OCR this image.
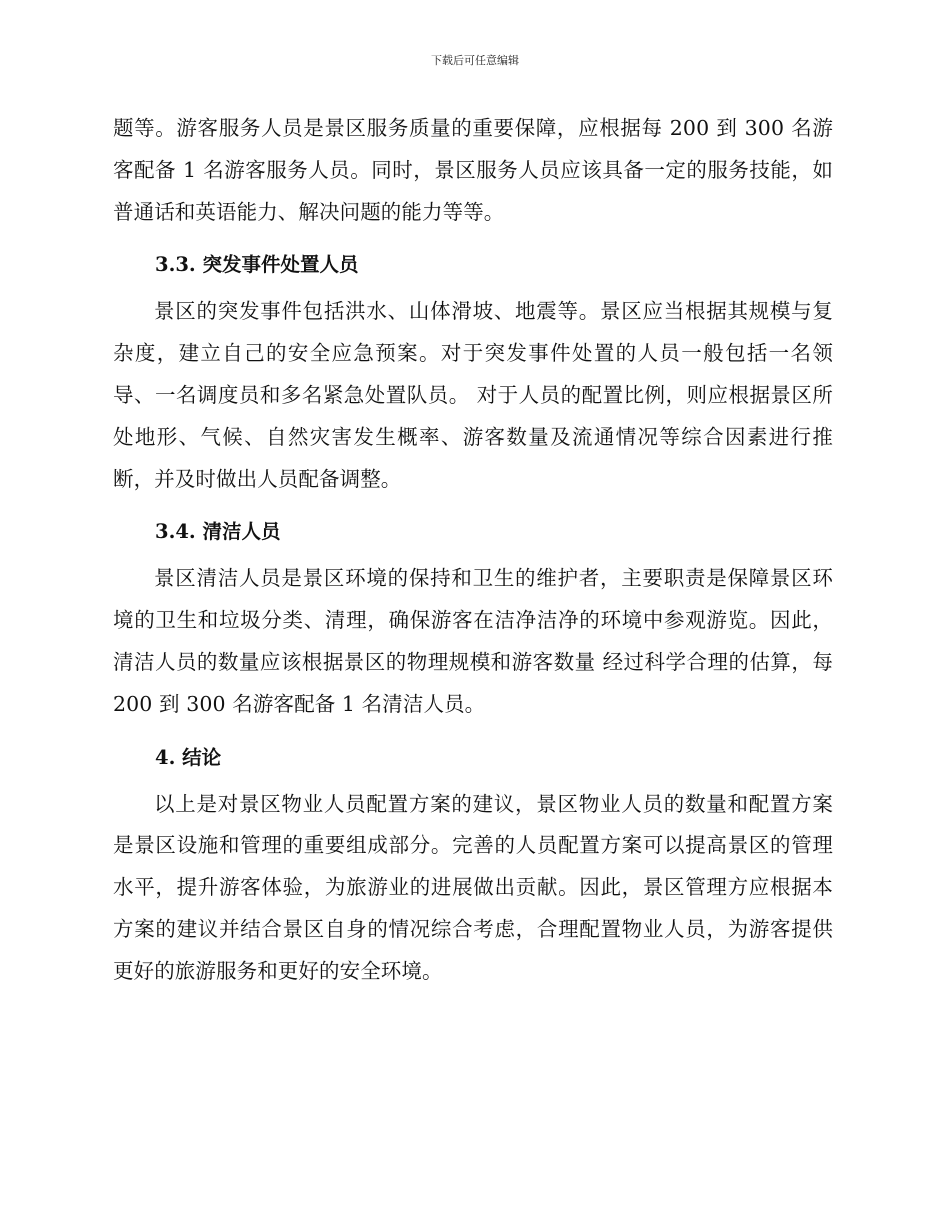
下载后可任意编辑

题等。游客服务人员是景区服务质量的重要保障，应根据每 200 到 300 名游客配备 1 名游客服务人员。同时，景区服务人员应该具备一定的服务技能，如普通话和英语能力、解决问题的能力等等。

3.3. 突发事件处置人员

景区的突发事件包括洪水、山体滑坡、地震等。景区应当根据其规模与复杂度，建立自己的安全应急预案。对于突发事件处置的人员一般包括一名领导、一名调度员和多名紧急处置队员。 对于人员的配置比例，则应根据景区所处地形、气候、自然灾害发生概率、游客数量及流通情况等综合因素进行推断，并及时做出人员配备调整。

3.4. 清洁人员

景区清洁人员是景区环境的保持和卫生的维护者，主要职责是保障景区环境的卫生和垃圾分类、清理，确保游客在洁净洁净的环境中参观游览。因此，清洁人员的数量应该根据景区的物理规模和游客数量 经过科学合理的估算，每 200 到 300 名游客配备 1 名清洁人员。

4. 结论

以上是对景区物业人员配置方案的建议，景区物业人员的数量和配置方案是景区设施和管理的重要组成部分。完善的人员配置方案可以提高景区的管理水平，提升游客体验，为旅游业的进展做出贡献。因此，景区管理方应根据本方案的建议并结合景区自身的情况综合考虑，合理配置物业人员，为游客提供更好的旅游服务和更好的安全环境。
